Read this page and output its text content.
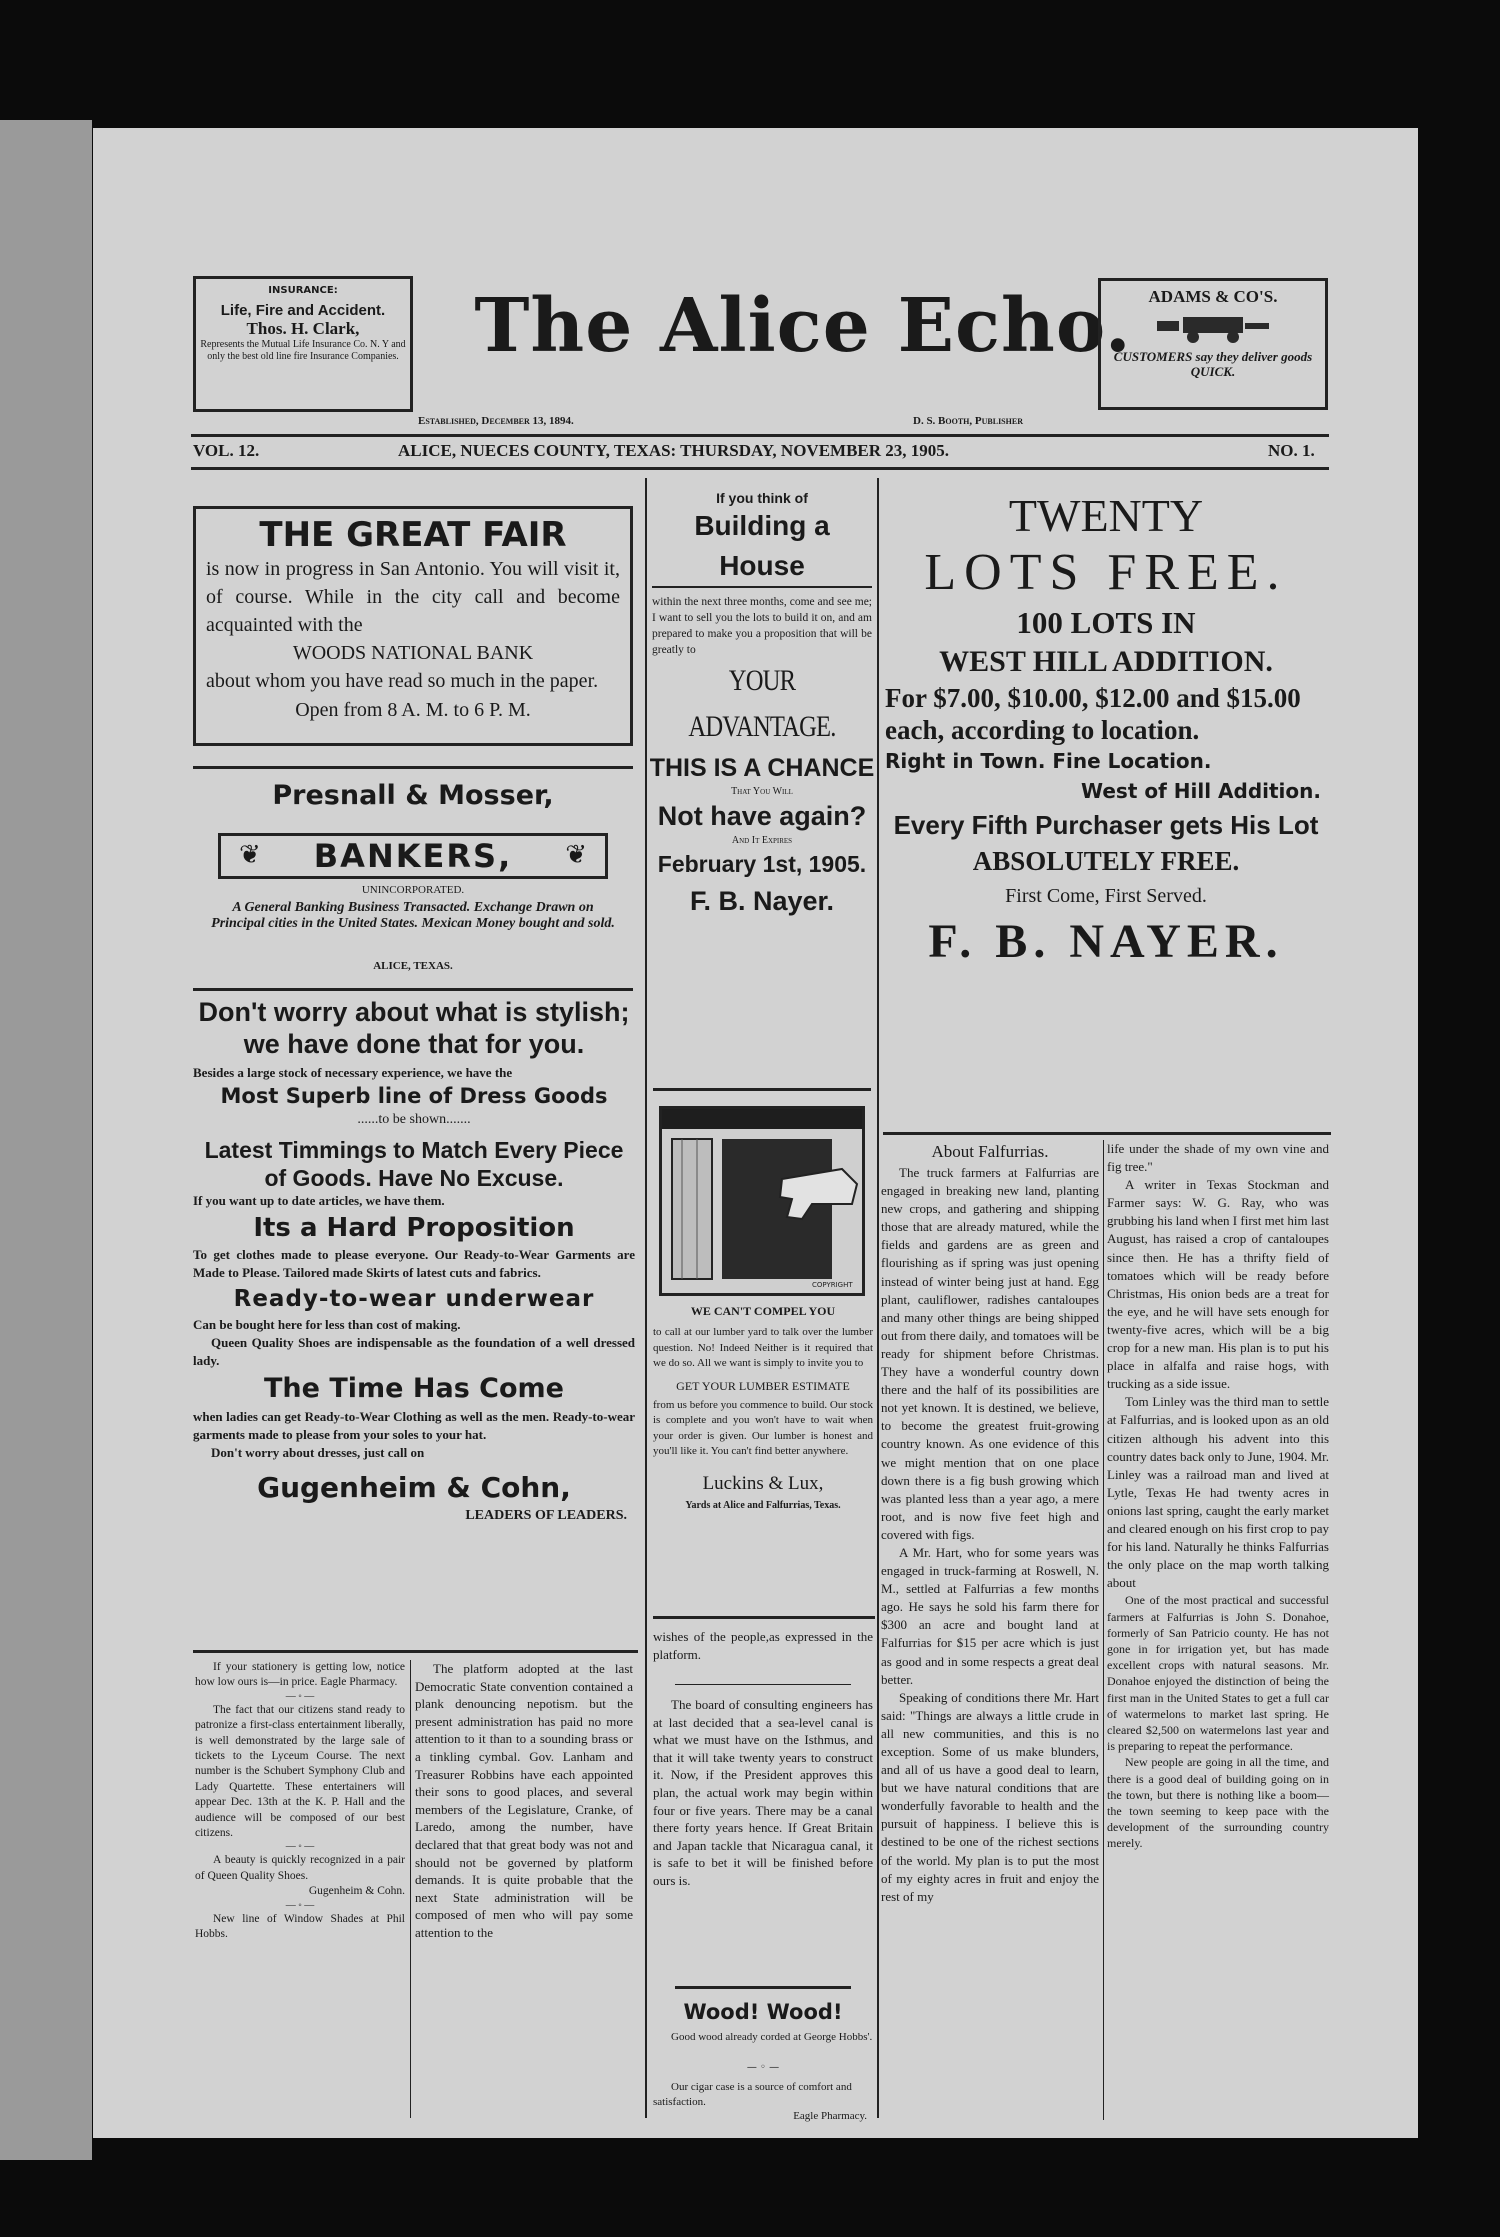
INSURANCE:
Life, Fire and Accident.
Thos. H. Clark,
Represents the Mutual Life Insurance Co. N. Y and only the best old line fire Insurance Companies.	The Alice Echo. ADAMS & CO'S.
CUSTOMERS say they deliver goods QUICK.
Established, December 13, 1894.	D. S. Booth, Publisher
VOL. 12.	ALICE, NUECES COUNTY, TEXAS: THURSDAY, NOVEMBER 23, 1905.	NO. 1.
THE GREAT FAIR
is now in progress in San Antonio. You will visit it, of course. While in the city call and become acquainted with the
WOODS NATIONAL BANK
about whom you have read so much in the paper.
Open from 8 A. M. to 6 P. M.
Presnall & Mosser,
❦	BANKERS,	❦
UNINCORPORATED.
A General Banking Business Transacted. Exchange Drawn on Principal cities in the United States. Mexican Money bought and sold.
ALICE, TEXAS.
Don't worry about what is stylish; we have done that for you.
Besides a large stock of necessary experience, we have the
Most Superb line of Dress Goods
......to be shown.......
Latest Timmings to Match Every Piece of Goods. Have No Excuse.
If you want up to date articles, we have them.
Its a Hard Proposition
To get clothes made to please everyone. Our Ready-to-Wear Garments are Made to Please. Tailored made Skirts of latest cuts and fabrics.
Ready-to-wear underwear
Can be bought here for less than cost of making.
Queen Quality Shoes are indispensable as the foundation of a well dressed lady.
The Time Has Come
when ladies can get Ready-to-Wear Clothing as well as the men. Ready-to-wear garments made to please from your soles to your hat.
Don't worry about dresses, just call on
Gugenheim & Cohn,
LEADERS OF LEADERS.

If your stationery is getting low, notice how low ours is—in price. Eagle Pharmacy.

— ◦ —

The fact that our citizens stand ready to patronize a first-class entertainment liberally, is well demonstrated by the large sale of tickets to the Lyceum Course. The next number is the Schubert Symphony Club and Lady Quartette. These entertainers will appear Dec. 13th at the K. P. Hall and the audience will be composed of our best citizens.

— ◦ —

A beauty is quickly recognized in a pair of Queen Quality Shoes.

Gugenheim & Cohn.

— ◦ —

New line of Window Shades at Phil Hobbs.

The platform adopted at the last Democratic State convention contained a plank denouncing nepotism. but the present administration has paid no more attention to it than to a sounding brass or a tinkling cymbal. Gov. Lanham and Treasurer Robbins have each appointed their sons to good places, and several members of the Legislature, Cranke, of Laredo, among the number, have declared that that great body was not and should not be governed by platform demands. It is quite probable that the next State administration will be composed of men who will pay some attention to the
If you think of
Building a House
within the next three months, come and see me; I want to sell you the lots to build it on, and am prepared to make you a proposition that will be greatly to
YOUR ADVANTAGE.
THIS IS A CHANCE
That You Will
Not have again?
And It Expires
February 1st, 1905.
F. B. Nayer.
COPYRIGHT
WE CAN'T COMPEL YOU
to call at our lumber yard to talk over the lumber question. No! Indeed Neither is it required that we do so. All we want is simply to invite you to
GET YOUR LUMBER ESTIMATE
from us before you commence to build. Our stock is complete and you won't have to wait when your order is given. Our lumber is honest and you'll like it. You can't find better anywhere.
Luckins & Lux,
Yards at Alice and Falfurrias, Texas.
wishes of the people,as expressed in the platform.
The board of consulting engineers has at last decided that a sea-level canal is what we must have on the Isthmus, and that it will take twenty years to construct it. Now, if the President approves this plan, the actual work may begin within four or five years. There may be a canal there forty years hence. If Great Britain and Japan tackle that Nicaragua canal, it is safe to bet it will be finished before ours is.
Wood! Wood!
Good wood already corded at George Hobbs'.
— ◦ —
Our cigar case is a source of comfort and satisfaction.
Eagle Pharmacy.
TWENTY
LOTS FREE.
100 LOTS IN
WEST HILL ADDITION.
For $7.00, $10.00, $12.00 and $15.00 each, according to location.
Right in Town. Fine Location.
West of Hill Addition.
Every Fifth Purchaser gets His Lot
ABSOLUTELY FREE.
First Come, First Served.
F. B. NAYER.
About Falfurrias.
The truck farmers at Falfurrias are engaged in breaking new land, planting new crops, and gathering and shipping those that are already matured, while the fields and gardens are as green and flourishing as if spring was just opening instead of winter being just at hand. Egg plant, cauliflower, radishes cantaloupes and many other things are being shipped out from there daily, and tomatoes will be ready for shipment before Christmas. They have a wonderful country down there and the half of its possibilities are not yet known. It is destined, we believe, to become the greatest fruit-growing country known. As one evidence of this we might mention that on one place down there is a fig bush growing which was planted less than a year ago, a mere root, and is now five feet high and covered with figs.
A Mr. Hart, who for some years was engaged in truck-farming at Roswell, N. M., settled at Falfurrias a few months ago. He says he sold his farm there for $300 an acre and bought land at Falfurrias for $15 per acre which is just as good and in some respects a great deal better.
Speaking of conditions there Mr. Hart said: "Things are always a little crude in all new communities, and this is no exception. Some of us make blunders, and all of us have a good deal to learn, but we have natural conditions that are wonderfully favorable to health and the pursuit of happiness. I believe this is destined to be one of the richest sections of the world. My plan is to put the most of my eighty acres in fruit and enjoy the rest of my
life under the shade of my own vine and fig tree."
A writer in Texas Stockman and Farmer says: W. G. Ray, who was grubbing his land when I first met him last August, has raised a crop of cantaloupes since then. He has a thrifty field of tomatoes which will be ready before Christmas, His onion beds are a treat for the eye, and he will have sets enough for twenty-five acres, which will be a big crop for a new man. His plan is to put his place in alfalfa and raise hogs, with trucking as a side issue.
Tom Linley was the third man to settle at Falfurrias, and is looked upon as an old citizen although his advent into this country dates back only to June, 1904. Mr. Linley was a railroad man and lived at Lytle, Texas He had twenty acres in onions last spring, caught the early market and cleared enough on his first crop to pay for his land. Naturally he thinks Falfurrias the only place on the map worth talking about
One of the most practical and successful farmers at Falfurrias is John S. Donahoe, formerly of San Patricio county. He has not gone in for irrigation yet, but has made excellent crops with natural seasons. Mr. Donahoe enjoyed the distinction of being the first man in the United States to get a full car of watermelons to market last spring. He cleared $2,500 on watermelons last year and is preparing to repeat the performance.
New people are going in all the time, and there is a good deal of building going on in the town, but there is nothing like a boom—the town seeming to keep pace with the development of the surrounding country merely.
